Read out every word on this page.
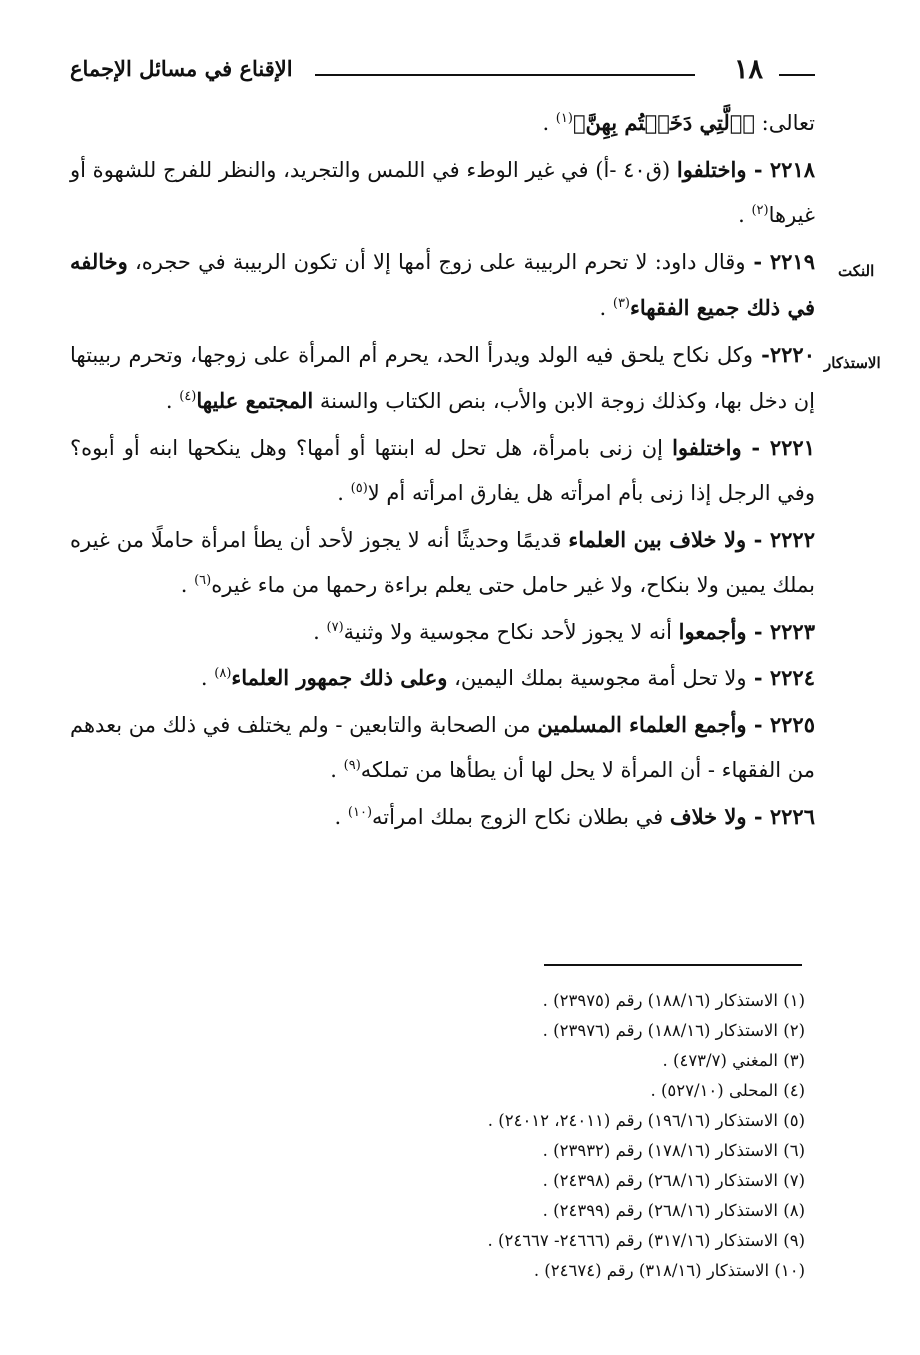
١٨
الإقناع في مسائل الإجماع
النكت
الاستذكار

تعالى: ﴿ٱلَّتِي دَخَلۡتُم بِهِنَّ﴾$^{(١)}$ .

٢٢١٨ - واختلفوا (ق٤٠ -أ) في غير الوطء في اللمس والتجريد، والنظر للفرج للشهوة أو غيرها$^{(٢)}$ .

٢٢١٩ - وقال داود: لا تحرم الربيبة على زوج أمها إلا أن تكون الربيبة في حجره، وخالفه في ذلك جميع الفقهاء$^{(٣)}$ .

٢٢٢٠- وكل نكاح يلحق فيه الولد ويدرأ الحد، يحرم أم المرأة على زوجها، وتحرم ربيبتها إن دخل بها، وكذلك زوجة الابن والأب، بنص الكتاب والسنة المجتمع عليها$^{(٤)}$ .

٢٢٢١ - واختلفوا إن زنى بامرأة، هل تحل له ابنتها أو أمها؟ وهل ينكحها ابنه أو أبوه؟ وفي الرجل إذا زنى بأم امرأته هل يفارق امرأته أم لا$^{(٥)}$ .

٢٢٢٢ - ولا خلاف بين العلماء قديمًا وحديثًا أنه لا يجوز لأحد أن يطأ امرأة حاملًا من غيره بملك يمين ولا بنكاح، ولا غير حامل حتى يعلم براءة رحمها من ماء غيره$^{(٦)}$ .

٢٢٢٣ - وأجمعوا أنه لا يجوز لأحد نكاح مجوسية ولا وثنية$^{(٧)}$ .

٢٢٢٤ - ولا تحل أمة مجوسية بملك اليمين، وعلى ذلك جمهور العلماء$^{(٨)}$ .

٢٢٢٥ - وأجمع العلماء المسلمين من الصحابة والتابعين - ولم يختلف في ذلك من بعدهم من الفقهاء - أن المرأة لا يحل لها أن يطأها من تملكه$^{(٩)}$ .

٢٢٢٦ - ولا خلاف في بطلان نكاح الزوج بملك امرأته$^{(١٠)}$ .

(١) الاستذكار (١٨٨/١٦) رقم (٢٣٩٧٥) .

(٢) الاستذكار (١٨٨/١٦) رقم (٢٣٩٧٦) .

(٣) المغني (٤٧٣/٧) .

(٤) المحلى (٥٢٧/١٠) .

(٥) الاستذكار (١٩٦/١٦) رقم (٢٤٠١١، ٢٤٠١٢) .

(٦) الاستذكار (١٧٨/١٦) رقم (٢٣٩٣٢) .

(٧) الاستذكار (٢٦٨/١٦) رقم (٢٤٣٩٨) .

(٨) الاستذكار (٢٦٨/١٦) رقم (٢٤٣٩٩) .

(٩) الاستذكار (٣١٧/١٦) رقم (٢٤٦٦٦- ٢٤٦٦٧) .

(١٠) الاستذكار (٣١٨/١٦) رقم (٢٤٦٧٤) .
